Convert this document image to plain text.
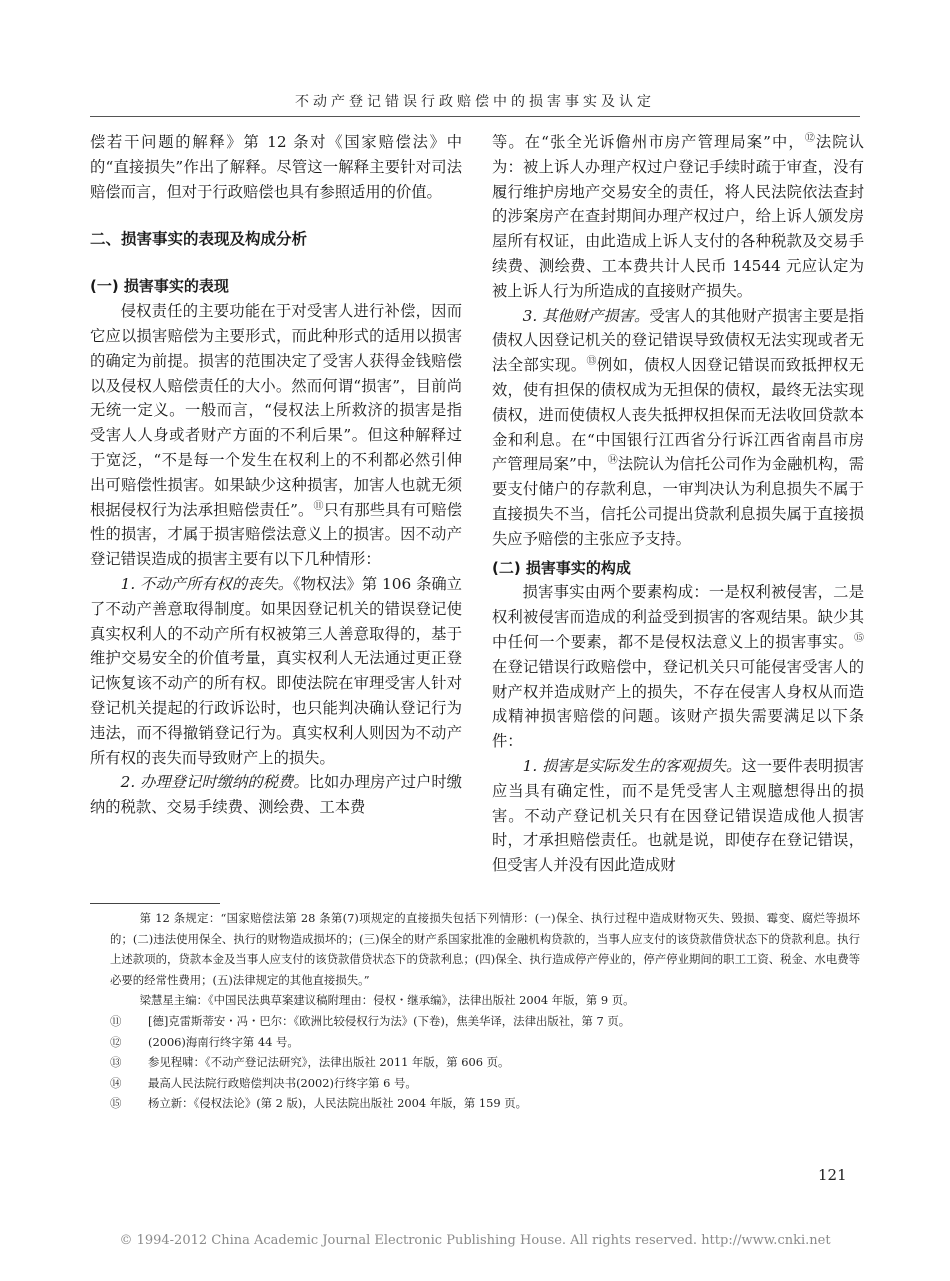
不动产登记错误行政赔偿中的损害事实及认定

偿若干问题的解释》第 12 条对《国家赔偿法》中的“直接损失”作出了解释。尽管这一解释主要针对司法赔偿而言，但对于行政赔偿也具有参照适用的价值。

二、损害事实的表现及构成分析
(一) 损害事实的表现

侵权责任的主要功能在于对受害人进行补偿，因而它应以损害赔偿为主要形式，而此种形式的适用以损害的确定为前提。损害的范围决定了受害人获得金钱赔偿以及侵权人赔偿责任的大小。然而何谓“损害”，目前尚无统一定义。一般而言，“侵权法上所救济的损害是指受害人人身或者财产方面的不利后果”。但这种解释过于宽泛，“不是每一个发生在权利上的不利都必然引伸出可赔偿性损害。如果缺少这种损害，加害人也就无须根据侵权行为法承担赔偿责任”。⑪只有那些具有可赔偿性的损害，才属于损害赔偿法意义上的损害。因不动产登记错误造成的损害主要有以下几种情形：

1. 不动产所有权的丧失。《物权法》第 106 条确立了不动产善意取得制度。如果因登记机关的错误登记使真实权利人的不动产所有权被第三人善意取得的，基于维护交易安全的价值考量，真实权利人无法通过更正登记恢复该不动产的所有权。即使法院在审理受害人针对登记机关提起的行政诉讼时，也只能判决确认登记行为违法，而不得撤销登记行为。真实权利人则因为不动产所有权的丧失而导致财产上的损失。

2. 办理登记时缴纳的税费。比如办理房产过户时缴纳的税款、交易手续费、测绘费、工本费

等。在“张全光诉儋州市房产管理局案”中，⑫法院认为：被上诉人办理产权过户登记手续时疏于审查，没有履行维护房地产交易安全的责任，将人民法院依法查封的涉案房产在查封期间办理产权过户，给上诉人颁发房屋所有权证，由此造成上诉人支付的各种税款及交易手续费、测绘费、工本费共计人民币 14544 元应认定为被上诉人行为所造成的直接财产损失。

3. 其他财产损害。受害人的其他财产损害主要是指债权人因登记机关的登记错误导致债权无法实现或者无法全部实现。⑬例如，债权人因登记错误而致抵押权无效，使有担保的债权成为无担保的债权，最终无法实现债权，进而使债权人丧失抵押权担保而无法收回贷款本金和利息。在“中国银行江西省分行诉江西省南昌市房产管理局案”中，⑭法院认为信托公司作为金融机构，需要支付储户的存款利息，一审判决认为利息损失不属于直接损失不当，信托公司提出贷款利息损失属于直接损失应予赔偿的主张应予支持。

(二) 损害事实的构成

损害事实由两个要素构成：一是权利被侵害，二是权利被侵害而造成的利益受到损害的客观结果。缺少其中任何一个要素，都不是侵权法意义上的损害事实。⑮在登记错误行政赔偿中，登记机关只可能侵害受害人的财产权并造成财产上的损失，不存在侵害人身权从而造成精神损害赔偿的问题。该财产损失需要满足以下条件：

1. 损害是实际发生的客观损失。这一要件表明损害应当具有确定性，而不是凭受害人主观臆想得出的损害。不动产登记机关只有在因登记错误造成他人损害时，才承担赔偿责任。也就是说，即使存在登记错误，但受害人并没有因此造成财

第 12 条规定：“国家赔偿法第 28 条第(7)项规定的直接损失包括下列情形：(一)保全、执行过程中造成财物灭失、毁损、霉变、腐烂等损坏的；(二)违法使用保全、执行的财物造成损坏的；(三)保全的财产系国家批准的金融机构贷款的，当事人应支付的该贷款借贷状态下的贷款利息。执行上述款项的，贷款本金及当事人应支付的该贷款借贷状态下的贷款利息；(四)保全、执行造成停产停业的，停产停业期间的职工工资、税金、水电费等必要的经常性费用；(五)法律规定的其他直接损失。”

梁慧星主编：《中国民法典草案建议稿附理由：侵权・继承编》，法律出版社 2004 年版，第 9 页。

⑪ [德]克雷斯蒂安・冯・巴尔：《欧洲比较侵权行为法》(下卷)，焦美华译，法律出版社，第 7 页。

⑫ (2006)海南行终字第 44 号。

⑬ 参见程啸：《不动产登记法研究》，法律出版社 2011 年版，第 606 页。

⑭ 最高人民法院行政赔偿判决书(2002)行终字第 6 号。

⑮ 杨立新：《侵权法论》(第 2 版)，人民法院出版社 2004 年版，第 159 页。

121
© 1994-2012 China Academic Journal Electronic Publishing House. All rights reserved. http://www.cnki.net
